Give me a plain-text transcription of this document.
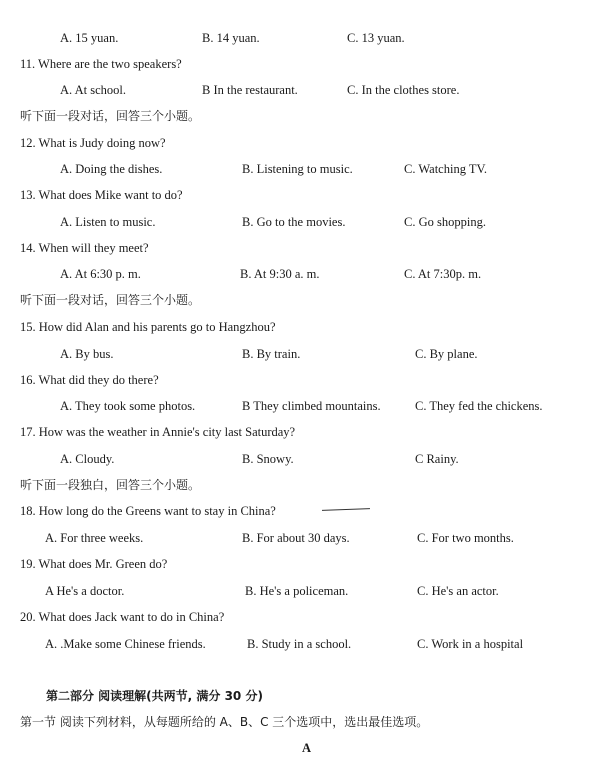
A. 15 yuan.	B. 14 yuan.	C. 13 yuan.
11. Where are the two speakers?
A. At school.	B In the restaurant.	C. In the clothes store.
听下面一段对话，回答三个小题。
12. What is Judy doing now?
A. Doing the dishes.	B. Listening to music.	C. Watching TV.
13. What does Mike want to do?
A. Listen to music.	B. Go to the movies.	C. Go shopping.
14. When will they meet?
A. At 6:30 p. m.	B. At 9:30 a. m.	C. At 7:30p. m.
听下面一段对话，回答三个小题。
15. How did Alan and his parents go to Hangzhou?
A. By bus.	B. By train.	C. By plane.
16. What did they do there?
A. They took some photos.	B They climbed mountains.	C. They fed the chickens.
17. How was the weather in Annie's city last Saturday?
A. Cloudy.	B. Snowy.	C Rainy.
听下面一段独白，回答三个小题。
18. How long do the Greens want to stay in China?
A. For three weeks.	B. For about 30 days.	C. For two months.
19. What does Mr. Green do?
A He's a doctor.	B. He's a policeman.	C. He's an actor.
20. What does Jack want to do in China?
A. .Make some Chinese friends.	B. Study in a school.	C. Work in a hospital
第二部分 阅读理解(共两节, 满分 30 分)
第一节 阅读下列材料，从每题所给的 A、B、C 三个选项中，选出最佳选项。
A
